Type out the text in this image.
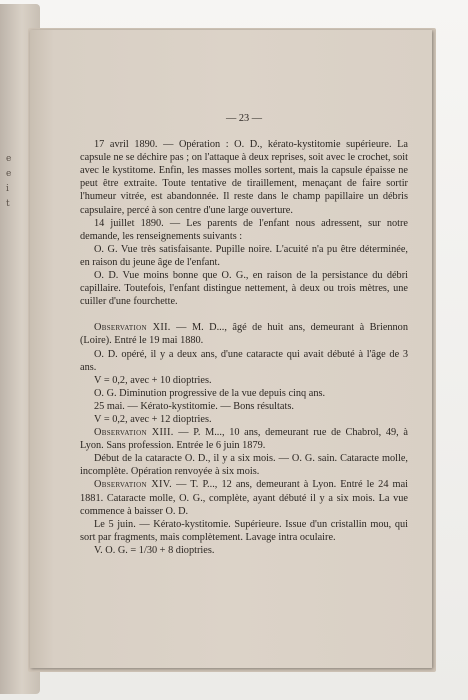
e
e
i
t

— 23 —

17 avril 1890. — Opération : O. D., kérato-kystitomie supérieure. La capsule ne se déchire pas ; on l'attaque à deux reprises, soit avec le crochet, soit avec le kystitome. Enfin, les masses molles sortent, mais la capsule épaisse ne peut être extraite. Toute tentative de tiraillement, menaçant de faire sortir l'humeur vitrée, est abandonnée. Il reste dans le champ papillaire un débris capsulaire, percé à son centre d'une large ouverture.

14 juillet 1890. — Les parents de l'enfant nous adressent, sur notre demande, les renseignements suivants :

O. G. Vue très satisfaisante. Pupille noire. L'acuité n'a pu être déterminée, en raison du jeune âge de l'enfant.

O. D. Vue moins bonne que O. G., en raison de la persistance du débri capillaire. Toutefois, l'enfant distingue nettement, à deux ou trois mètres, une cuiller d'une fourchette.

Observation XII. — M. D..., âgé de huit ans, demeurant à Briennon (Loire). Entré le 19 mai 1880.

O. D. opéré, il y a deux ans, d'une cataracte qui avait débuté à l'âge de 3 ans.

V = 0,2, avec + 10 dioptries.

O. G. Diminution progressive de la vue depuis cinq ans.

25 mai. — Kérato-kystitomie. — Bons résultats.

V = 0,2, avec + 12 dioptries.

Observation XIII. — P. M..., 10 ans, demeurant rue de Chabrol, 49, à Lyon. Sans profession. Entrée le 6 juin 1879.

Début de la cataracte O. D., il y a six mois. — O. G. sain. Cataracte molle, incomplète. Opération renvoyée à six mois.

Observation XIV. — T. P..., 12 ans, demeurant à Lyon. Entré le 24 mai 1881. Cataracte molle, O. G., complète, ayant débuté il y a six mois. La vue commence à baisser O. D.

Le 5 juin. — Kérato-kystitomie. Supérieure. Issue d'un cristallin mou, qui sort par fragments, mais complètement. Lavage intra oculaire.

V. O. G. = 1/30 + 8 dioptries.
